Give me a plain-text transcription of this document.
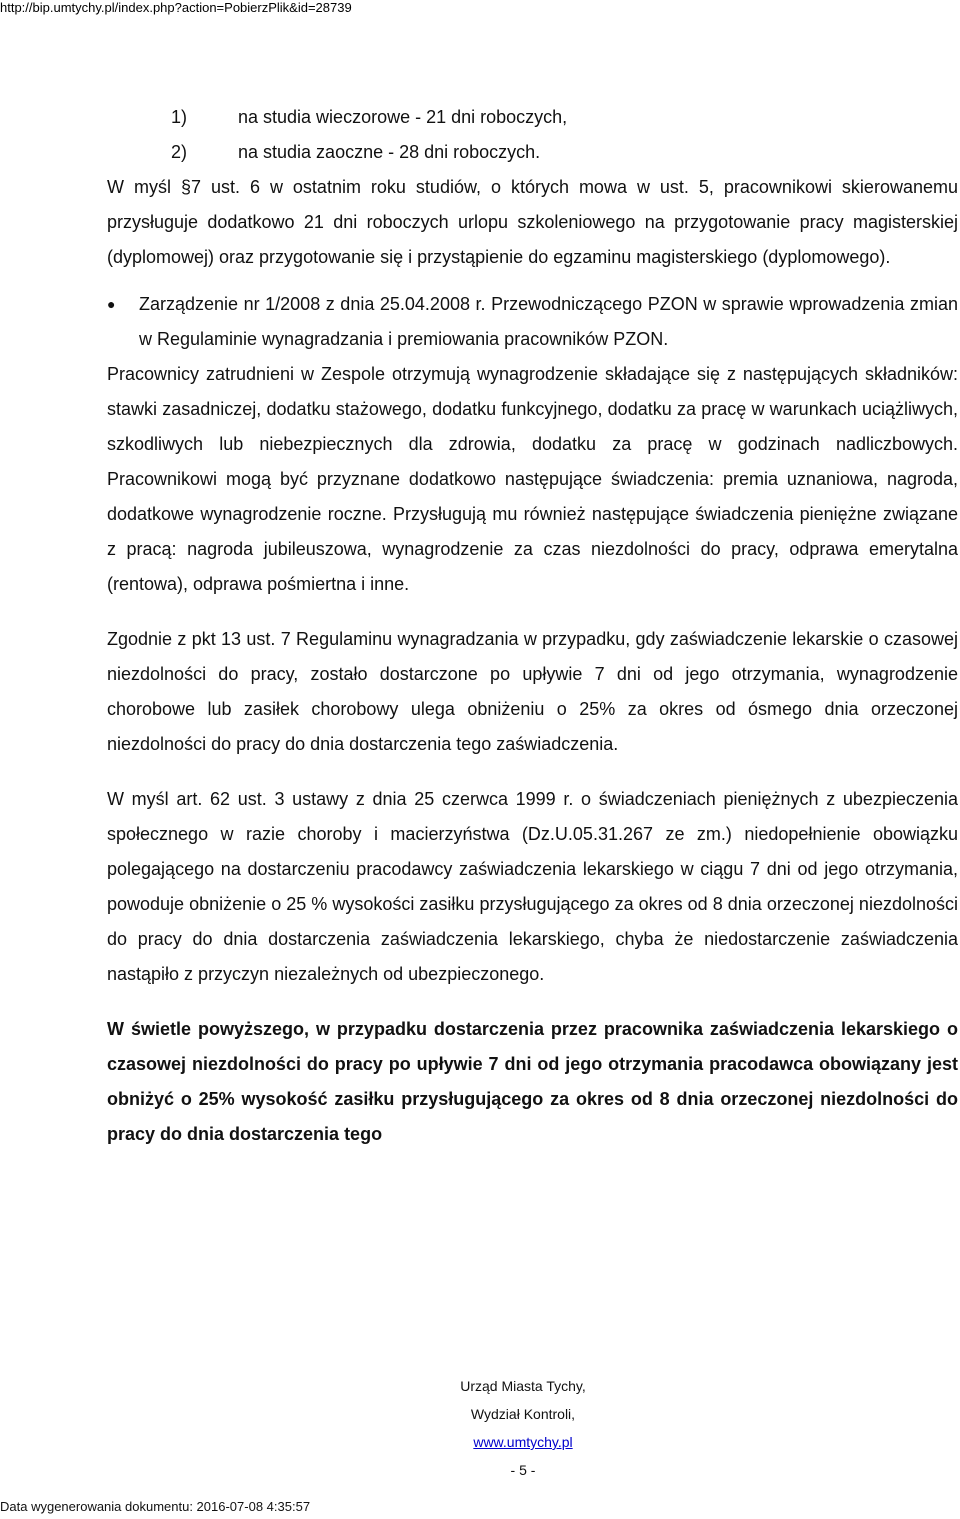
http://bip.umtychy.pl/index.php?action=PobierzPlik&id=28739
1)	na studia wieczorowe - 21 dni roboczych,
2)	na studia zaoczne - 28 dni roboczych.

W myśl §7 ust. 6 w ostatnim roku studiów, o których mowa w ust. 5, pracownikowi skierowanemu przysługuje dodatkowo 21 dni roboczych urlopu szkoleniowego na przygotowanie pracy magisterskiej (dyplomowej) oraz przygotowanie się i przystąpienie do egzaminu magisterskiego (dyplomowego).

●	Zarządzenie nr 1/2008 z dnia 25.04.2008 r. Przewodniczącego PZON w sprawie wprowadzenia zmian w Regulaminie wynagradzania i premiowania pracowników PZON.

Pracownicy zatrudnieni w Zespole otrzymują wynagrodzenie składające się z następujących składników: stawki zasadniczej, dodatku stażowego, dodatku funkcyjnego, dodatku za pracę w warunkach uciążliwych, szkodliwych lub niebezpiecznych dla zdrowia, dodatku za pracę w godzinach nadliczbowych. Pracownikowi mogą być przyznane dodatkowo następujące świadczenia: premia uznaniowa, nagroda, dodatkowe wynagrodzenie roczne. Przysługują mu również następujące świadczenia pieniężne związane z pracą: nagroda jubileuszowa, wynagrodzenie za czas niezdolności do pracy, odprawa emerytalna (rentowa), odprawa pośmiertna i inne.

Zgodnie z pkt 13 ust. 7 Regulaminu wynagradzania w przypadku, gdy zaświadczenie lekarskie o czasowej niezdolności do pracy, zostało dostarczone po upływie 7 dni od jego otrzymania, wynagrodzenie chorobowe lub zasiłek chorobowy ulega obniżeniu o 25% za okres od ósmego dnia orzeczonej niezdolności do pracy do dnia dostarczenia tego zaświadczenia.

W myśl art. 62 ust. 3 ustawy z dnia 25 czerwca 1999 r. o świadczeniach pieniężnych z ubezpieczenia społecznego w razie choroby i macierzyństwa (Dz.U.05.31.267 ze zm.) niedopełnienie obowiązku polegającego na dostarczeniu pracodawcy zaświadczenia lekarskiego w ciągu 7 dni od jego otrzymania, powoduje obniżenie o 25 % wysokości zasiłku przysługującego za okres od 8 dnia orzeczonej niezdolności do pracy do dnia dostarczenia zaświadczenia lekarskiego, chyba że niedostarczenie zaświadczenia nastąpiło z przyczyn niezależnych od ubezpieczonego.

W świetle powyższego, w przypadku dostarczenia przez pracownika zaświadczenia lekarskiego o czasowej niezdolności do pracy po upływie 7 dni od jego otrzymania pracodawca obowiązany jest obniżyć o 25% wysokość zasiłku przysługującego za okres od 8 dnia orzeczonej niezdolności do pracy do dnia dostarczenia tego

Urząd Miasta Tychy,
Wydział Kontroli,
www.umtychy.pl
- 5 -
Data wygenerowania dokumentu: 2016-07-08 4:35:57
